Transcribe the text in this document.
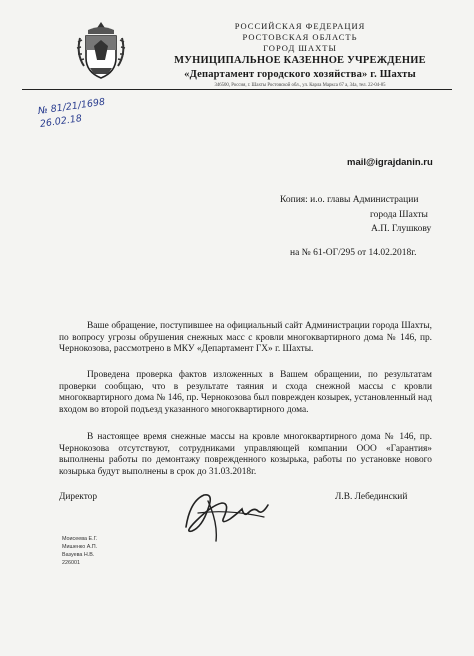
РОССИЙСКАЯ ФЕДЕРАЦИЯ
РОСТОВСКАЯ ОБЛАСТЬ
ГОРОД ШАХТЫ
МУНИЦИПАЛЬНОЕ КАЗЕННОЕ УЧРЕЖДЕНИЕ
«Департамент городского хозяйства» г. Шахты
346500, Россия, г. Шахты Ростовской обл., ул. Карла Маркса 67 а, 34а, тел. 22-04-85
№ 81/21/1698
26.02.18
mail@igrajdanin.ru
Копия: и.о. главы Администрации
города Шахты
А.П. Глушкову
на № 61-ОГ/295 от 14.02.2018г.
Ваше обращение, поступившее на официальный сайт Администрации города Шахты, по вопросу угрозы обрушения снежных масс с кровли многоквартирного дома № 146, пр. Чернокозова, рассмотрено в МКУ «Департамент ГХ» г. Шахты.
Проведена проверка фактов изложенных в Вашем обращении, по результатам проверки сообщаю, что в результате таяния и схода снежной массы с кровли многоквартирного дома № 146, пр. Чернокозова был поврежден козырек, установленный над входом во второй подъезд указанного многоквартирного дома.
В настоящее время снежные массы на кровле многоквартирного дома № 146, пр. Чернокозова отсутствуют, сотрудниками управляющей компании ООО «Гарантия» выполнены работы по демонтажу поврежденного козырька, работы по установке нового козырька будут выполнены в срок до 31.03.2018г.
Директор	Л.В. Лебединский
Моисеева Е.Г.
Мишенко А.П.
Вазуева Н.В.
226001
